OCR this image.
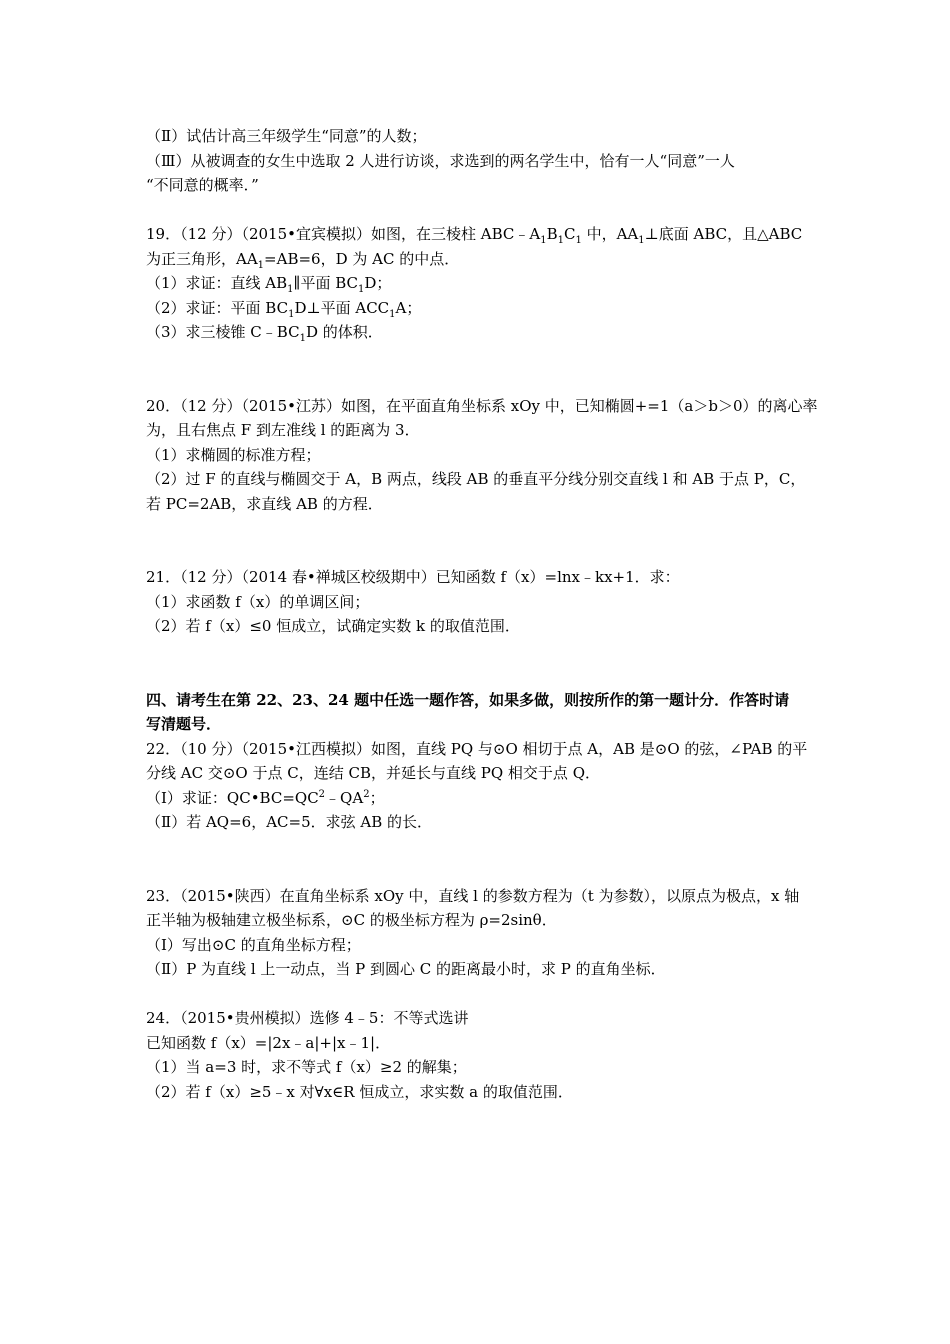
（Ⅱ）试估计高三年级学生“同意”的人数；
（Ⅲ）从被调查的女生中选取 2 人进行访谈，求选到的两名学生中，恰有一人“同意”一人
“不同意的概率．”
19．（12 分）（2015•宜宾模拟）如图，在三棱柱 $ABC﹣A_1B_1C_1$ 中，$AA_1\perp$底面 ABC，且△ABC
为正三角形，$AA_1=AB=6$，D 为 AC 的中点．
（1）求证：直线 $AB_1\parallel$平面 $BC_1D$；
（2）求证：平面 $BC_1D\perp$平面 $ACC_1A$；
（3）求三棱锥 $C﹣BC_1D$ 的体积．
20．（12 分）（2015•江苏）如图，在平面直角坐标系 xOy 中，已知椭圆+=1（a＞b＞0）的离心率
为，且右焦点 F 到左准线 l 的距离为 3．
（1）求椭圆的标准方程；
（2）过 F 的直线与椭圆交于 A，B 两点，线段 AB 的垂直平分线分别交直线 l 和 AB 于点 P，C，
若 PC=2AB，求直线 AB 的方程．
21．（12 分）（2014 春•禅城区校级期中）已知函数 f（x）=lnx﹣kx+1．求：
（1）求函数 f（x）的单调区间；
（2）若 f（x）≤0 恒成立，试确定实数 k 的取值范围．
四、请考生在第 22、23、24 题中任选一题作答，如果多做，则按所作的第一题计分．作答时请
写清题号．
22．（10 分）（2015•江西模拟）如图，直线 PQ 与⊙O 相切于点 A，AB 是⊙O 的弦，∠PAB 的平
分线 AC 交⊙O 于点 C，连结 CB，并延长与直线 PQ 相交于点 Q．
（Ⅰ）求证：$QC•BC=QC^2﹣QA^2$；
（Ⅱ）若 AQ=6，AC=5．求弦 AB 的长．
23．（2015•陕西）在直角坐标系 xOy 中，直线 l 的参数方程为（t 为参数），以原点为极点，x 轴
正半轴为极轴建立极坐标系，⊙C 的极坐标方程为 ρ=2sinθ．
（Ⅰ）写出⊙C 的直角坐标方程；
（Ⅱ）P 为直线 l 上一动点，当 P 到圆心 C 的距离最小时，求 P 的直角坐标．
24．（2015•贵州模拟）选修 4﹣5：不等式选讲
已知函数 f（x）=|2x﹣a|+|x﹣1|．
（1）当 a=3 时，求不等式 f（x）≥2 的解集；
（2）若 f（x）≥5﹣x 对∀x∈R 恒成立，求实数 a 的取值范围．
